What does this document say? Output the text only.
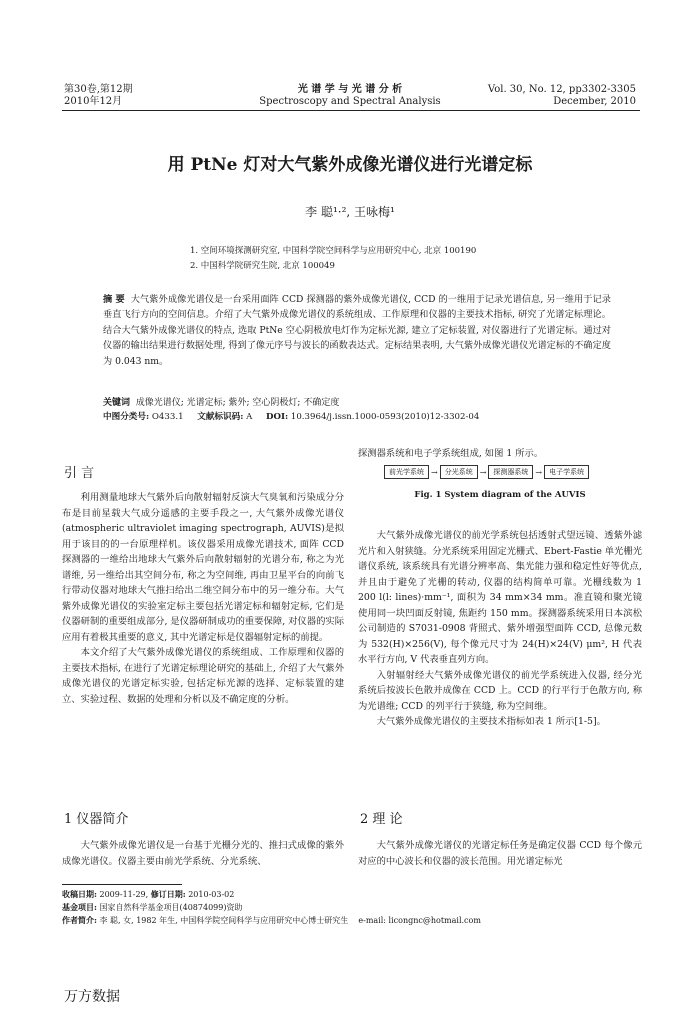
第30卷,第12期
2010年12月
光 谱 学 与 光 谱 分 析
Spectroscopy and Spectral Analysis
Vol. 30, No. 12, pp3302-3305
December, 2010
用 PtNe 灯对大气紫外成像光谱仪进行光谱定标
李 聪¹·², 王咏梅¹
1. 空间环境探测研究室, 中国科学院空间科学与应用研究中心, 北京 100190
2. 中国科学院研究生院, 北京 100049
摘 要 大气紫外成像光谱仪是一台采用面阵 CCD 探测器的紫外成像光谱仪, CCD 的一维用于记录光谱信息, 另一维用于记录垂直飞行方向的空间信息。介绍了大气紫外成像光谱仪的系统组成、工作原理和仪器的主要技术指标, 研究了光谱定标理论。结合大气紫外成像光谱仪的特点, 选取 PtNe 空心阴极放电灯作为定标光源, 建立了定标装置, 对仪器进行了光谱定标。通过对仪器的输出结果进行数据处理, 得到了像元序号与波长的函数表达式。定标结果表明, 大气紫外成像光谱仪光谱定标的不确定度为 0.043 nm。
关键词 成像光谱仪; 光谱定标; 紫外; 空心阴极灯; 不确定度
中图分类号: O433.1 文献标识码: A DOI: 10.3964/j.issn.1000-0593(2010)12-3302-04
引 言

利用测量地球大气紫外后向散射辐射反演大气臭氧和污染成分分布是目前星载大气成分遥感的主要手段之一, 大气紫外成像光谱仪(atmospheric ultraviolet imaging spectrograph, AUVIS)是拟用于该目的的一台原理样机。该仪器采用成像光谱技术, 面阵 CCD 探测器的一维给出地球大气紫外后向散射辐射的光谱分布, 称之为光谱维, 另一维给出其空间分布, 称之为空间维, 再由卫星平台的向前飞行带动仪器对地球大气推扫给出二维空间分布中的另一维分布。大气紫外成像光谱仪的实验室定标主要包括光谱定标和辐射定标, 它们是仪器研制的重要组成部分, 是仪器研制成功的重要保障, 对仪器的实际应用有着极其重要的意义, 其中光谱定标是仪器辐射定标的前提。

本文介绍了大气紫外成像光谱仪的系统组成、工作原理和仪器的主要技术指标, 在进行了光谱定标理论研究的基础上, 介绍了大气紫外成像光谱仪的光谱定标实验, 包括定标光源的选择、定标装置的建立、实验过程、数据的处理和分析以及不确定度的分析。

1 仪器简介

大气紫外成像光谱仪是一台基于光栅分光的、推扫式成像的紫外成像光谱仪。仪器主要由前光学系统、分光系统、

探测器系统和电子学系统组成, 如图 1 所示。
前光学系统 →	分光系统 →	探测器系统 →	电子学系统
Fig. 1 System diagram of the AUVIS

大气紫外成像光谱仪的前光学系统包括透射式望远镜、透紫外滤光片和入射狭缝。分光系统采用固定光栅式、Ebert-Fastie 单光栅光谱仪系统, 该系统具有光谱分辨率高、集光能力强和稳定性好等优点, 并且由于避免了光栅的转动, 仪器的结构简单可靠。光栅线数为 1 200 l(l: lines)·mm⁻¹, 面积为 34 mm×34 mm。准直镜和聚光镜使用同一块凹面反射镜, 焦距约 150 mm。探测器系统采用日本滨松公司制造的 S7031-0908 背照式、紫外增强型面阵 CCD, 总像元数为 532(H)×256(V), 每个像元尺寸为 24(H)×24(V) μm², H 代表水平行方向, V 代表垂直列方向。

入射辐射经大气紫外成像光谱仪的前光学系统进入仪器, 经分光系统后按波长色散并成像在 CCD 上。CCD 的行平行于色散方向, 称为光谱维; CCD 的列平行于狭缝, 称为空间维。

大气紫外成像光谱仪的主要技术指标如表 1 所示[1-5]。

2 理 论

大气紫外成像光谱仪的光谱定标任务是确定仪器 CCD 每个像元对应的中心波长和仪器的波长范围。用光谱定标光

收稿日期: 2009-11-29, 修订日期: 2010-03-02
基金项目: 国家自然科学基金项目(40874099)资助
作者简介: 李 聪, 女, 1982 年生, 中国科学院空间科学与应用研究中心博士研究生 e-mail: licongnc@hotmail.com
万方数据
